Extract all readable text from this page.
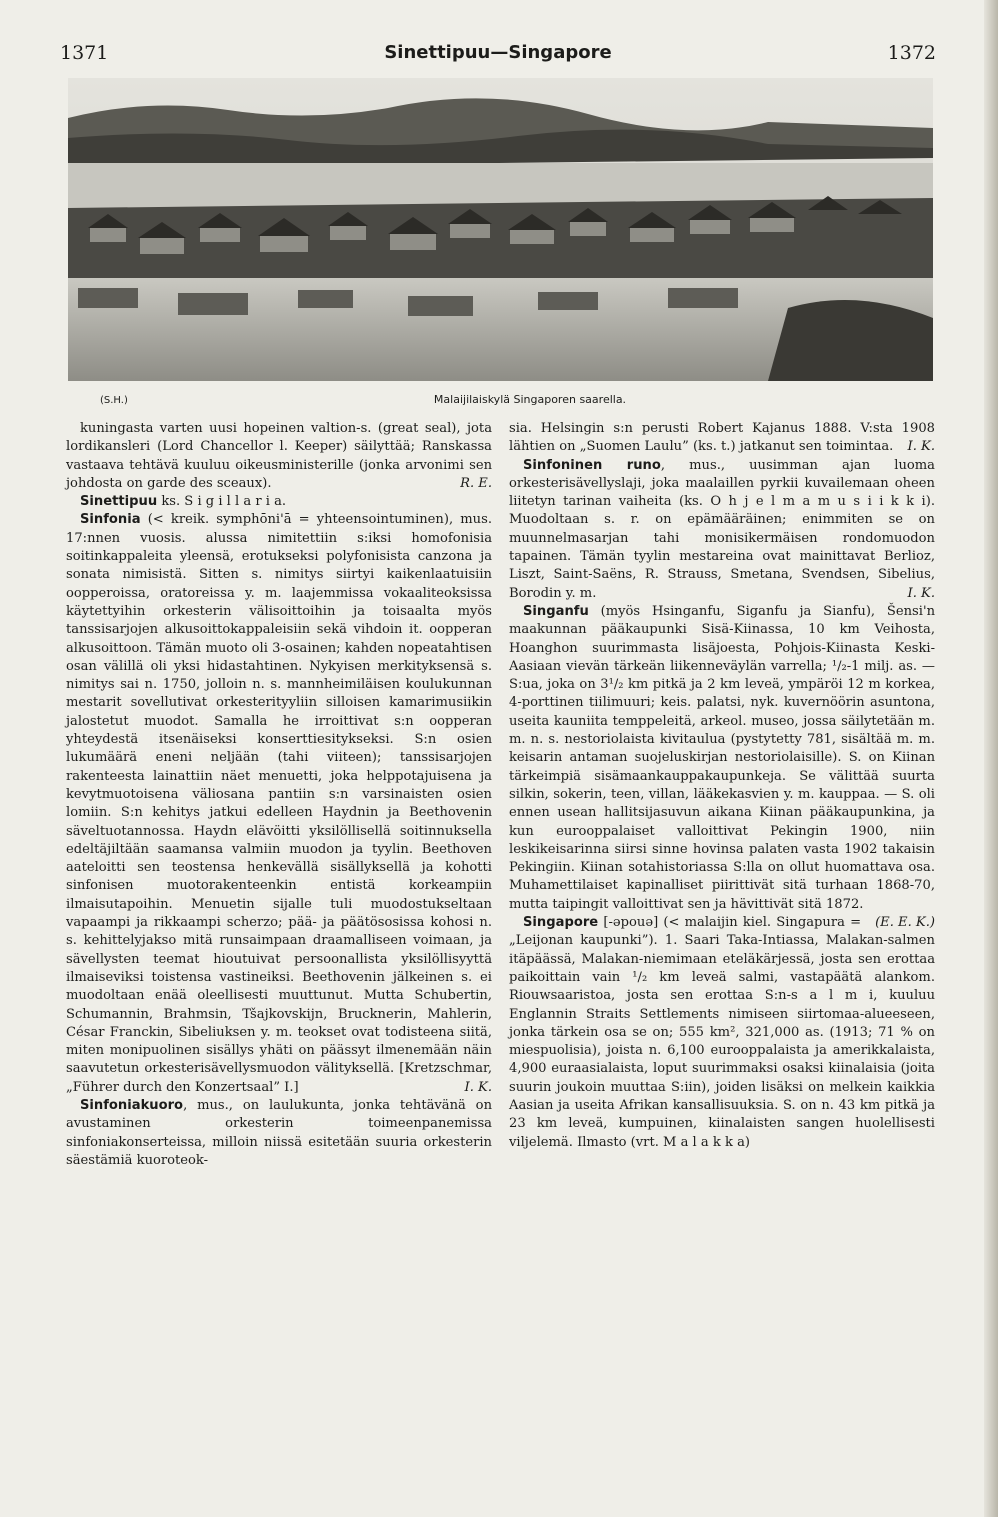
1371	Sinettipuu—Singapore	1372
(S.H.)	Malaijilaiskylä Singaporen saarella.

kuningasta varten uusi hopeinen valtion-s. (great seal), jota lordikansleri (Lord Chancellor l. Keeper) säilyttää; Ranskassa vastaava tehtävä kuuluu oikeusministerille (jonka arvonimi sen johdosta on garde des sceaux).	R. E.

Sinettipuu ks. S i g i l l a r i a.

Sinfonia (< kreik. symphōni'ā = yhteensointuminen), mus. 17:nnen vuosis. alussa nimitettiin s:iksi homofonisia soitinkappaleita yleensä, erotukseksi polyfonisista canzona ja sonata nimisistä. Sitten s. nimitys siirtyi kaikenlaatuisiin oopperoissa, oratoreissa y. m. laajemmissa vokaaliteoksissa käytettyihin orkesterin välisoittoihin ja toisaalta myös tanssisarjojen alkusoittokappaleisiin sekä vihdoin it. oopperan alkusoittoon. Tämän muoto oli 3-osainen; kahden nopeatahtisen osan välillä oli yksi hidastahtinen. Nykyisen merkityksensä s. nimitys sai n. 1750, jolloin n. s. mannheimiläisen koulukunnan mestarit sovellutivat orkesterityyliin silloisen kamarimusiikin jalostetut muodot. Samalla he irroittivat s:n oopperan yhteydestä itsenäiseksi konserttiesitykseksi. S:n osien lukumäärä eneni neljään (tahi viiteen); tanssisarjojen rakenteesta lainattiin näet menuetti, joka helppotajuisena ja kevytmuotoisena väliosana pantiin s:n varsinaisten osien lomiin. S:n kehitys jatkui edelleen Haydnin ja Beethovenin säveltuotannossa. Haydn elävöitti yksilöllisellä soitinnuksella edeltäjiltään saamansa valmiin muodon ja tyylin. Beethoven aateloitti sen teostensa henkevällä sisällyksellä ja kohotti sinfonisen muotorakenteenkin entistä korkeampiin ilmaisutapoihin. Menuetin sijalle tuli muodostukseltaan vapaampi ja rikkaampi scherzo; pää- ja päätösosissa kohosi n. s. kehittelyjakso mitä runsaimpaan draamalliseen voimaan, ja sävellysten teemat hioutuivat persoonallista yksilöllisyyttä ilmaiseviksi toistensa vastineiksi. Beethovenin jälkeinen s. ei muodoltaan enää oleellisesti muuttunut. Mutta Schubertin, Schumannin, Brahmsin, Tšajkovskijn, Brucknerin, Mahlerin, César Franckin, Sibeliuksen y. m. teokset ovat todisteena siitä, miten monipuolinen sisällys yhäti on päässyt ilmenemään näin saavutetun orkesterisävellysmuodon välityksellä. [Kretzschmar, „Führer durch den Konzertsaal” I.]	I. K.

Sinfoniakuoro, mus., on laulukunta, jonka tehtävänä on avustaminen orkesterin toimeenpanemissa sinfoniakonserteissa, milloin niissä esitetään suuria orkesterin säestämiä kuoroteok-

sia. Helsingin s:n perusti Robert Kajanus 1888. V:sta 1908 lähtien on „Suomen Laulu” (ks. t.) jatkanut sen toimintaa. I. K.

Sinfoninen runo, mus., uusimman ajan luoma orkesterisävellyslaji, joka maalaillen pyrkii kuvailemaan oheen liitetyn tarinan vaiheita (ks. O h j e l m a m u s i i k k i). Muodoltaan s. r. on epämääräinen; enimmiten se on muunnelmasarjan tahi monisikermäisen rondomuodon tapainen. Tämän tyylin mestareina ovat mainittavat Berlioz, Liszt, Saint-Saëns, R. Strauss, Smetana, Svendsen, Sibelius, Borodin y. m.	I. K.

Singanfu (myös Hsinganfu, Siganfu ja Sianfu), Šensi'n maakunnan pääkaupunki Sisä-Kiinassa, 10 km Veihosta, Hoanghon suurimmasta lisäjoesta, Pohjois-Kiinasta Keski-Aasiaan vievän tärkeän liikenneväylän varrella; ¹/₂-1 milj. as. — S:ua, joka on 3¹/₂ km pitkä ja 2 km leveä, ympäröi 12 m korkea, 4-porttinen tiilimuuri; keis. palatsi, nyk. kuvernöörin asuntona, useita kauniita temppeleitä, arkeol. museo, jossa säilytetään m. m. n. s. nestoriolaista kivitaulua (pystytetty 781, sisältää m. m. keisarin antaman suojeluskirjan nestoriolaisille). S. on Kiinan tärkeimpiä sisämaankauppakaupunkeja. Se välittää suurta silkin, sokerin, teen, villan, lääkekasvien y. m. kauppaa. — S. oli ennen usean hallitsijasuvun aikana Kiinan pääkaupunkina, ja kun eurooppalaiset valloittivat Pekingin 1900, niin leskikeisarinna siirsi sinne hovinsa palaten vasta 1902 takaisin Pekingiin. Kiinan sotahistoriassa S:lla on ollut huomattava osa. Muhamettilaiset kapinalliset piirittivät sitä turhaan 1868-70, mutta taipingit valloittivat sen ja hävittivät sitä 1872.
(E. E. K.)

Singapore [-əpouə] (< malaijin kiel. Singapura = „Leijonan kaupunki”). 1. Saari Taka-Intiassa, Malakan-salmen itäpäässä, Malakan-niemimaan eteläkärjessä, josta sen erottaa paikoittain vain ¹/₂ km leveä salmi, vastapäätä alankom. Riouwsaaristoa, josta sen erottaa S:n-s a l m i, kuuluu Englannin Straits Settlements nimiseen siirtomaa-alueeseen, jonka tärkein osa se on; 555 km², 321,000 as. (1913; 71 % on miespuolisia), joista n. 6,100 eurooppalaista ja amerikkalaista, 4,900 euraasialaista, loput suurimmaksi osaksi kiinalaisia (joita suurin joukoin muuttaa S:iin), joiden lisäksi on melkein kaikkia Aasian ja useita Afrikan kansallisuuksia. S. on n. 43 km pitkä ja 23 km leveä, kumpuinen, kiinalaisten sangen huolellisesti viljelemä. Ilmasto (vrt. M a l a k k a)
